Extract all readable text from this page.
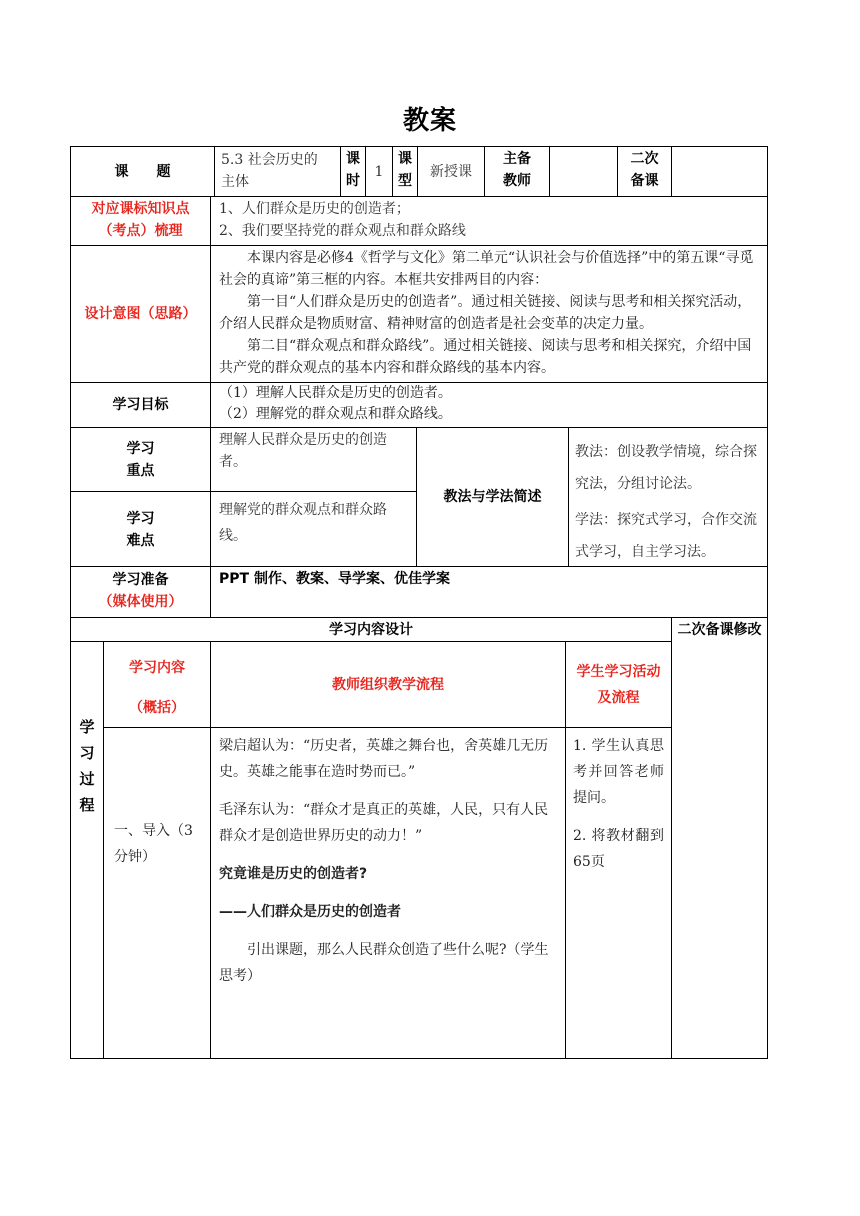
教案
课　　题

5.3 社会历史的

主体

课

时

1

课

型

新授课

主备

教师

二次

备课

对应课标知识点

（考点）梳理

1、人们群众是历史的创造者；

2、我们要坚持党的群众观点和群众路线

设计意图（思路）

本课内容是必修4《哲学与文化》第二单元“认识社会与价值选择”中的第五课“寻觅社会的真谛”第三框的内容。本框共安排两目的内容：

第一目“人们群众是历史的创造者”。通过相关链接、阅读与思考和相关探究活动，介绍人民群众是物质财富、精神财富的创造者是社会变革的决定力量。

第二目“群众观点和群众路线”。通过相关链接、阅读与思考和相关探究，介绍中国共产党的群众观点的基本内容和群众路线的基本内容。

学习目标

（1）理解人民群众是历史的创造者。

（2）理解党的群众观点和群众路线。

学习

重点

理解人民群众是历史的创造者。

学习

难点

理解党的群众观点和群众路线。

教法与学法简述

教法：创设教学情境，综合探究法，分组讨论法。

学法：探究式学习，合作交流式学习，自主学习法。

学习准备

（媒体使用）

PPT 制作、教案、导学案、优佳学案

学习内容设计	二次备课修改

学

习

过

程

学习内容

（概括）

教师组织教学流程
学生学习活动及流程
一、导入（3分钟）

梁启超认为：“历史者，英雄之舞台也，舍英雄几无历史。英雄之能事在造时势而已。”

毛泽东认为：“群众才是真正的英雄，人民，只有人民群众才是创造世界历史的动力！”

究竟谁是历史的创造者?

——人们群众是历史的创造者

引出课题，那么人民群众创造了些什么呢?（学生思考）

1. 学生认真思考并回答老师提问。

2. 将教材翻到65页
